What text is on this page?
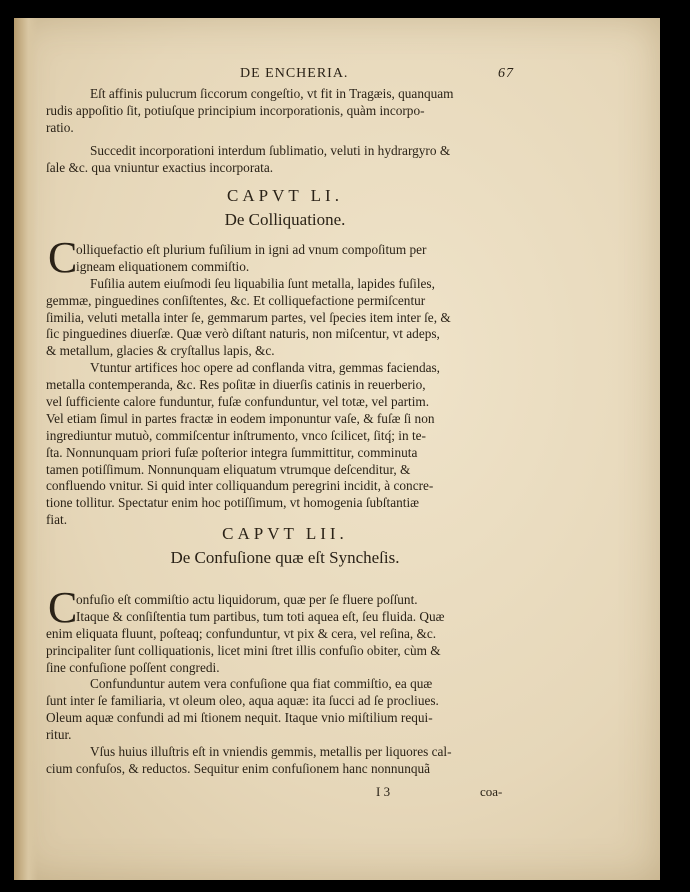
DE ENCHERIA.	67
Eſt affinis pulucrum ſiccorum congeſtio, vt fit in Tragæis, quanquam
rudis appoſitio ſit, potiuſque principium incorporationis, quàm incorpo-
ratio.
Succedit incorporationi interdum ſublimatio, veluti in hydrargyro &
ſale &c. qua vniuntur exactius incorporata.
CAPVT LI.
De Colliquatione.
C
olliquefactio eſt plurium fuſilium in igni ad vnum compoſitum per
igneam eliquationem commiſtio.
Fuſilia autem eiuſmodi ſeu liquabilia ſunt metalla, lapides fuſiles,
gemmæ, pinguedines conſiſtentes, &c. Et colliquefactione permiſcentur
ſimilia, veluti metalla inter ſe, gemmarum partes, vel ſpecies item inter ſe, &
ſic pinguedines diuerſæ. Quæ verò diſtant naturis, non miſcentur, vt adeps,
& metallum, glacies & cryſtallus lapis, &c.
Vtuntur artifices hoc opere ad conflanda vitra, gemmas faciendas,
metalla contemperanda, &c. Res poſitæ in diuerſis catinis in reuerberio,
vel ſufficiente calore funduntur, fuſæ confunduntur, vel totæ, vel partim.
Vel etiam ſimul in partes fractæ in eodem imponuntur vaſe, & fuſæ ſi non
ingrediuntur mutuò, commiſcentur inſtrumento, vnco ſcilicet, ſitq́; in te-
ſta. Nonnunquam priori fuſæ poſterior integra ſummittitur, comminuta
tamen potiſſimum. Nonnunquam eliquatum vtrumque deſcenditur, &
confluendo vnitur. Si quid inter colliquandum peregrini incidit, à concre-
tione tollitur. Spectatur enim hoc potiſſimum, vt homogenia ſubſtantiæ
fiat.
CAPVT LII.
De Confuſione quæ eſt Syncheſis.
C
onfuſio eſt commiſtio actu liquidorum, quæ per ſe fluere poſſunt.
Itaque & conſiſtentia tum partibus, tum toti aquea eſt, ſeu fluida. Quæ
enim eliquata fluunt, poſteaq; confunduntur, vt pix & cera, vel reſina, &c.
principaliter ſunt colliquationis, licet mini ſtret illis confuſio obiter, cùm &
ſine confuſione poſſent congredi.
Confunduntur autem vera confuſione qua fiat commiſtio, ea quæ
ſunt inter ſe familiaria, vt oleum oleo, aqua aquæ: ita ſucci ad ſe procliues.
Oleum aquæ confundi ad mi ſtionem nequit. Itaque vnio miſtilium requi-
ritur.
Vſus huius illuſtris eſt in vniendis gemmis, metallis per liquores cal-
cium confuſos, & reductos. Sequitur enim confuſionem hanc nonnunquã
I 3	coa-
